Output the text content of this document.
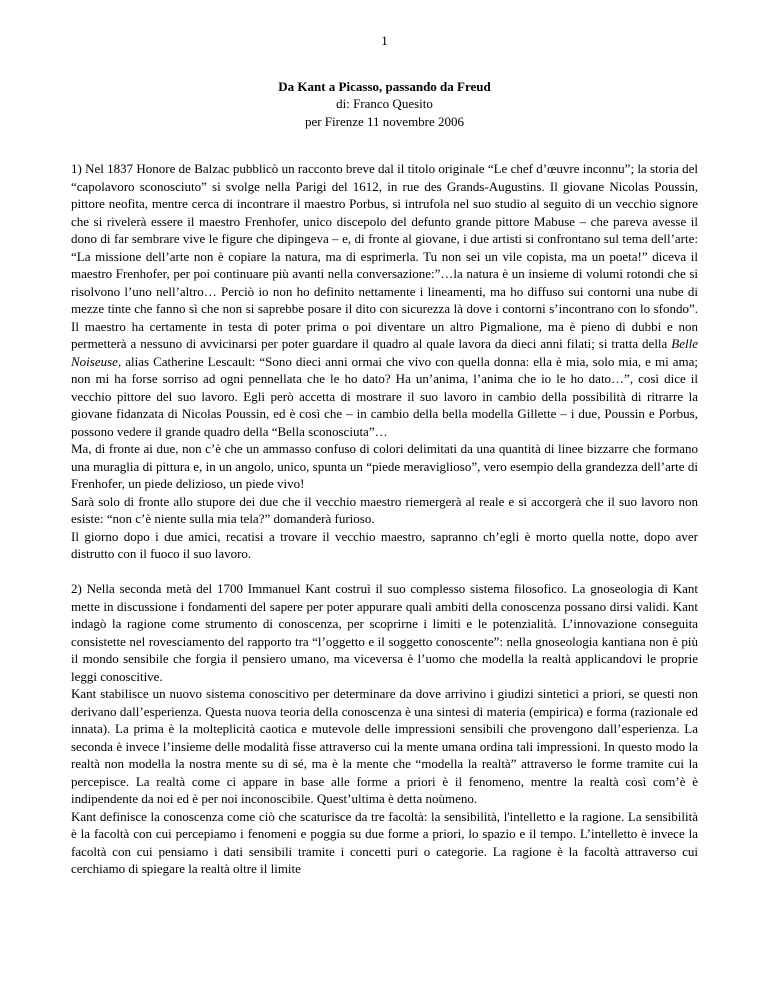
1
Da Kant a Picasso, passando da Freud
di: Franco Quesito
per Firenze 11 novembre 2006

1) Nel 1837 Honore de Balzac pubblicò un racconto breve dal il titolo originale “Le chef d’œuvre inconnu”; la storia del “capolavoro sconosciuto” si svolge nella Parigi del 1612, in rue des Grands-Augustins. Il giovane Nicolas Poussin, pittore neofita, mentre cerca di incontrare il maestro Porbus, si intrufola nel suo studio al seguito di un vecchio signore che si rivelerà essere il maestro Frenhofer, unico discepolo del defunto grande pittore Mabuse – che pareva avesse il dono di far sembrare vive le figure che dipingeva – e, di fronte al giovane, i due artisti si confrontano sul tema dell’arte: “La missione dell’arte non è copiare la natura, ma di esprimerla. Tu non sei un vile copista, ma un poeta!” diceva il maestro Frenhofer, per poi continuare più avanti nella conversazione:”…la natura è un insieme di volumi rotondi che si risolvono l’uno nell’altro… Perciò io non ho definito nettamente i lineamenti, ma ho diffuso sui contorni una nube di mezze tinte che fanno sì che non si saprebbe posare il dito con sicurezza là dove i contorni s’incontrano con lo sfondo”. Il maestro ha certamente in testa di poter prima o poi diventare un altro Pigmalione, ma è pieno di dubbi e non permetterà a nessuno di avvicinarsi per poter guardare il quadro al quale lavora da dieci anni filati; si tratta della Belle Noiseuse, alias Catherine Lescault: “Sono dieci anni ormai che vivo con quella donna: ella è mia, solo mia, e mi ama; non mi ha forse sorriso ad ogni pennellata che le ho dato? Ha un’anima, l’anima che io le ho dato…”, così dice il vecchio pittore del suo lavoro. Egli però accetta di mostrare il suo lavoro in cambio della possibilità di ritrarre la giovane fidanzata di Nicolas Poussin, ed è così che – in cambio della bella modella Gillette – i due, Poussin e Porbus, possono vedere il grande quadro della “Bella sconosciuta”…

Ma, di fronte ai due, non c’è che un ammasso confuso di colori delimitati da una quantità di linee bizzarre che formano una muraglia di pittura e, in un angolo, unico, spunta un “piede meraviglioso”, vero esempio della grandezza dell’arte di Frenhofer, un piede delizioso, un piede vivo!

Sarà solo di fronte allo stupore dei due che il vecchio maestro riemergerà al reale e si accorgerà che il suo lavoro non esiste: “non c’è niente sulla mia tela?” domanderà furioso.

Il giorno dopo i due amici, recatisi a trovare il vecchio maestro, sapranno ch’egli è morto quella notte, dopo aver distrutto con il fuoco il suo lavoro.

2) Nella seconda metà del 1700 Immanuel Kant costruì il suo complesso sistema filosofico. La gnoseologia di Kant mette in discussione i fondamenti del sapere per poter appurare quali ambiti della conoscenza possano dirsi validi. Kant indagò la ragione come strumento di conoscenza, per scoprirne i limiti e le potenzialità. L’innovazione conseguita consistette nel rovesciamento del rapporto tra “l’oggetto e il soggetto conoscente”: nella gnoseologia kantiana non è più il mondo sensibile che forgia il pensiero umano, ma viceversa è l’uomo che modella la realtà applicandovi le proprie leggi conoscitive.

Kant stabilisce un nuovo sistema conoscitivo per determinare da dove arrivino i giudizi sintetici a priori, se questi non derivano dall’esperienza. Questa nuova teoria della conoscenza è una sintesi di materia (empirica) e forma (razionale ed innata). La prima è la molteplicità caotica e mutevole delle impressioni sensibili che provengono dall’esperienza. La seconda è invece l’insieme delle modalità fisse attraverso cui la mente umana ordina tali impressioni. In questo modo la realtà non modella la nostra mente su di sé, ma è la mente che “modella la realtà” attraverso le forme tramite cui la percepisce. La realtà come ci appare in base alle forme a priori è il fenomeno, mentre la realtà così com’è è indipendente da noi ed è per noi inconoscibile. Quest’ultima è detta noùmeno.

Kant definisce la conoscenza come ciò che scaturisce da tre facoltà: la sensibilità, l'intelletto e la ragione. La sensibilità è la facoltà con cui percepiamo i fenomeni e poggia su due forme a priori, lo spazio e il tempo. L’intelletto è invece la facoltà con cui pensiamo i dati sensibili tramite i concetti puri o categorie. La ragione è la facoltà attraverso cui cerchiamo di spiegare la realtà oltre il limite
